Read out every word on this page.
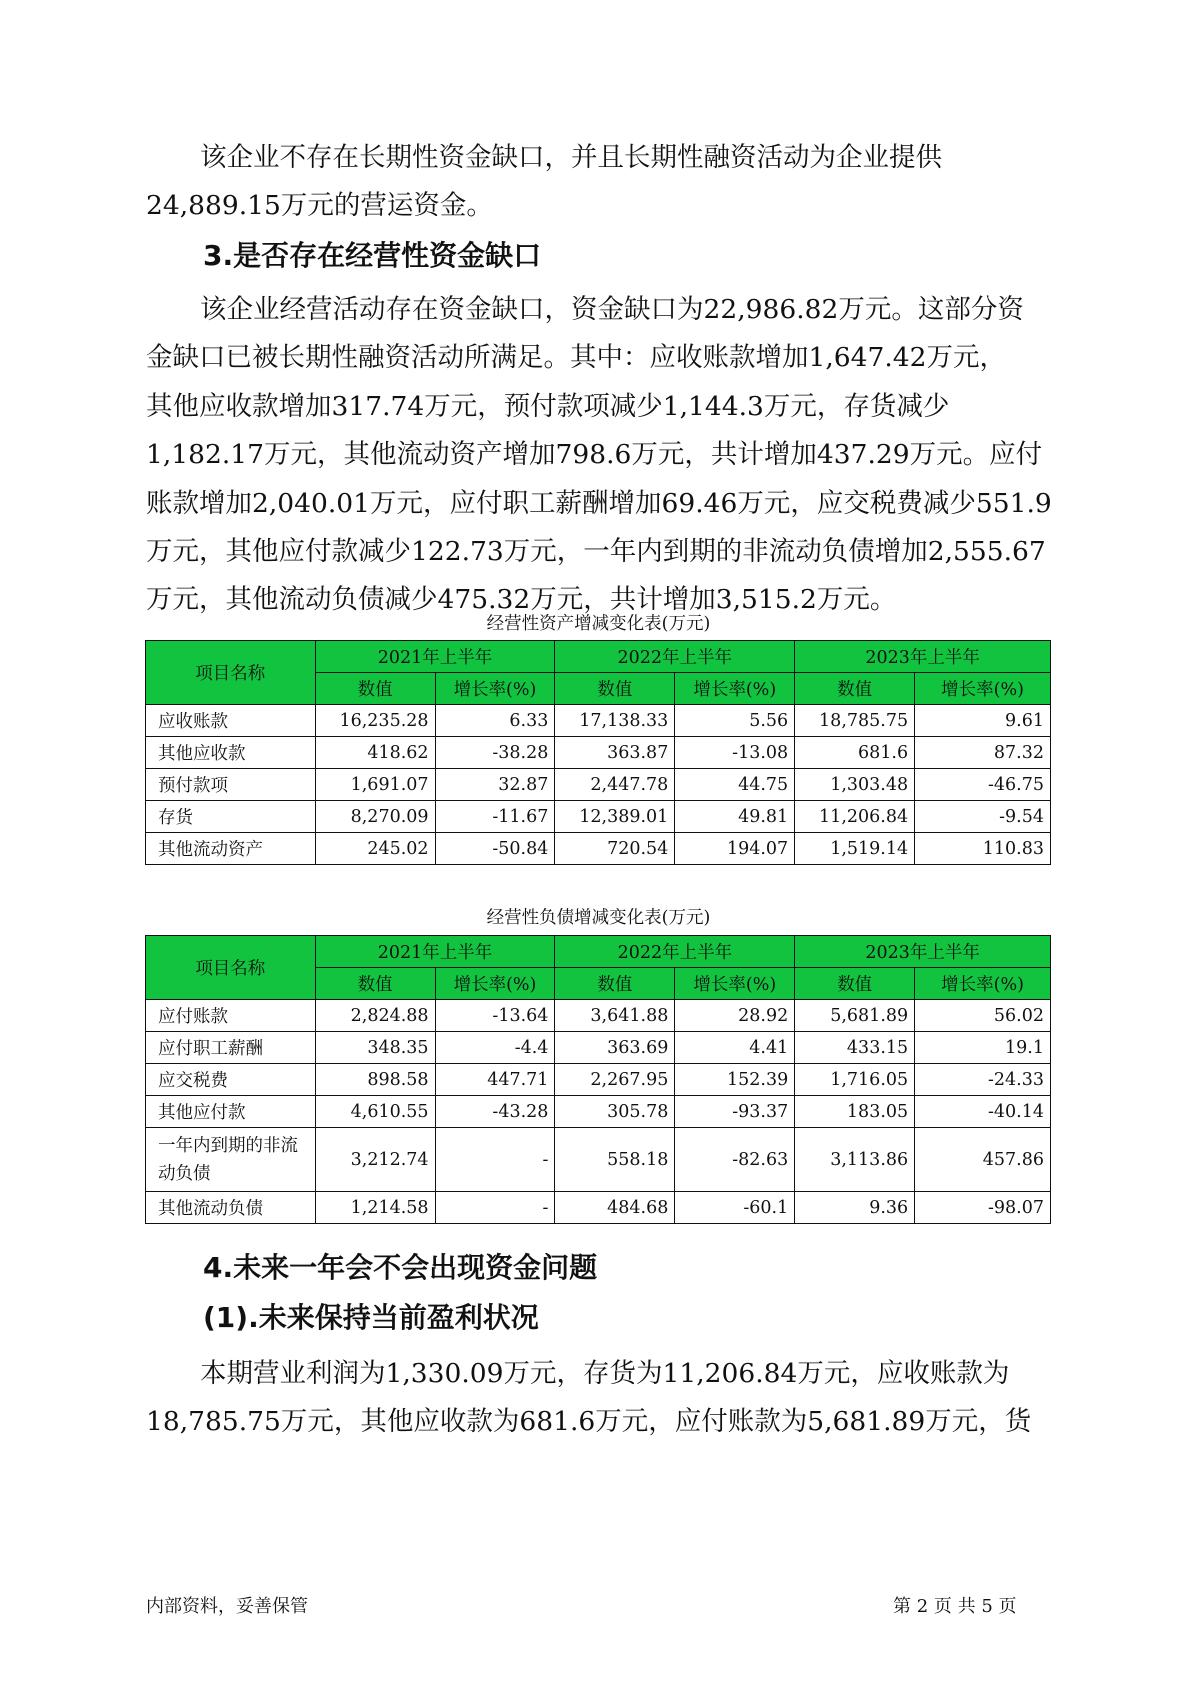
该企业不存在长期性资金缺口，并且长期性融资活动为企业提供
24,889.15万元的营运资金。
3.是否存在经营性资金缺口
该企业经营活动存在资金缺口，资金缺口为22,986.82万元。这部分资
金缺口已被长期性融资活动所满足。其中：应收账款增加1,647.42万元，
其他应收款增加317.74万元，预付款项减少1,144.3万元，存货减少
1,182.17万元，其他流动资产增加798.6万元，共计增加437.29万元。应付
账款增加2,040.01万元，应付职工薪酬增加69.46万元，应交税费减少551.9
万元，其他应付款减少122.73万元，一年内到期的非流动负债增加2,555.67
万元，其他流动负债减少475.32万元，共计增加3,515.2万元。
经营性资产增减变化表(万元)
项目名称	2021年上半年		2022年上半年		2023年上半年	
	数值	增长率(%)	数值	增长率(%)	数值	增长率(%)
应收账款	16,235.28	6.33	17,138.33	5.56	18,785.75	9.61
其他应收款	418.62	-38.28	363.87	-13.08	681.6	87.32
预付款项	1,691.07	32.87	2,447.78	44.75	1,303.48	-46.75
存货	8,270.09	-11.67	12,389.01	49.81	11,206.84	-9.54
其他流动资产	245.02	-50.84	720.54	194.07	1,519.14	110.83
经营性负债增减变化表(万元)
项目名称	2021年上半年		2022年上半年		2023年上半年	
	数值	增长率(%)	数值	增长率(%)	数值	增长率(%)
应付账款	2,824.88	-13.64	3,641.88	28.92	5,681.89	56.02
应付职工薪酬	348.35	-4.4	363.69	4.41	433.15	19.1
应交税费	898.58	447.71	2,267.95	152.39	1,716.05	-24.33
其他应付款	4,610.55	-43.28	305.78	-93.37	183.05	-40.14
一年内到期的非流动负债	3,212.74	-	558.18	-82.63	3,113.86	457.86
其他流动负债	1,214.58	-	484.68	-60.1	9.36	-98.07
4.未来一年会不会出现资金问题
(1).未来保持当前盈利状况
本期营业利润为1,330.09万元，存货为11,206.84万元，应收账款为
18,785.75万元，其他应收款为681.6万元，应付账款为5,681.89万元，货
内部资料，妥善保管	第 2 页 共 5 页
